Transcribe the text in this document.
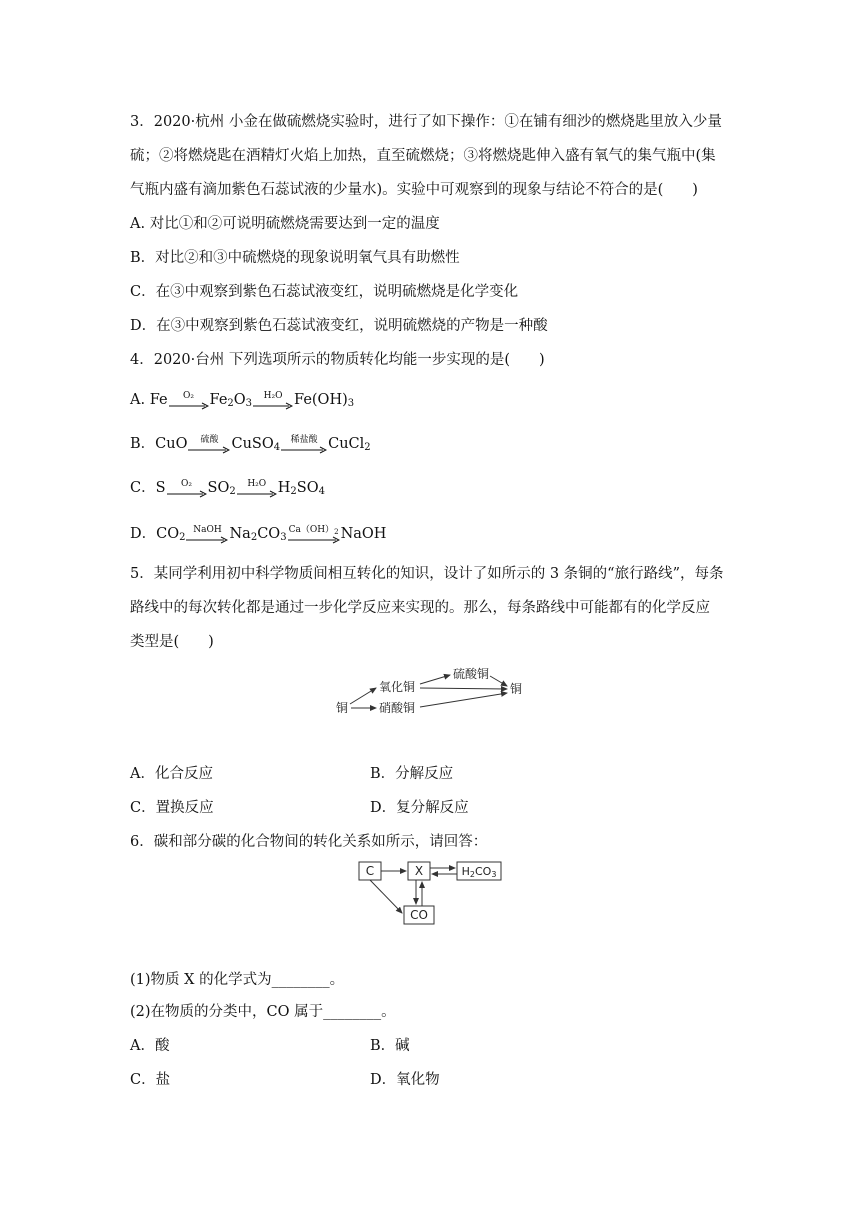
3．2020·杭州 小金在做硫燃烧实验时，进行了如下操作：①在铺有细沙的燃烧匙里放入少量
硫；②将燃烧匙在酒精灯火焰上加热，直至硫燃烧；③将燃烧匙伸入盛有氧气的集气瓶中(集
气瓶内盛有滴加紫色石蕊试液的少量水)。实验中可观察到的现象与结论不符合的是(　　)
A. 对比①和②可说明硫燃烧需要达到一定的温度
B．对比②和③中硫燃烧的现象说明氧气具有助燃性
C．在③中观察到紫色石蕊试液变红，说明硫燃烧是化学变化
D．在③中观察到紫色石蕊试液变红，说明硫燃烧的产物是一种酸
4．2020·台州 下列选项所示的物质转化均能一步实现的是(　　)
A. Fe	O₂	$Fe_2O_3$
H₂O $Fe(OH)_3$
B．CuO	硫酸 CuSO$_4$
稀盐酸 CuCl$_2$
C．S	O₂	$SO_2$
H₂O $H_2SO_4$
D．$CO_2$
NaOH $Na_2CO_3$
$Ca(OH)_2$ NaOH
5．某同学利用初中科学物质间相互转化的知识，设计了如所示的 3 条铜的“旅行路线”，每条
路线中的每次转化都是通过一步化学反应来实现的。那么，每条路线中可能都有的化学反应
类型是(　　)
铜
氧化铜
硫酸铜
硝酸铜
铜
A．化合反应	B．分解反应
C．置换反应	D．复分解反应
6．碳和部分碳的化合物间的转化关系如所示，请回答：
C	X	H2CO3
CO
(1)物质 X 的化学式为________。
(2)在物质的分类中，CO 属于________。
A．酸	B．碱
C．盐	D．氧化物
